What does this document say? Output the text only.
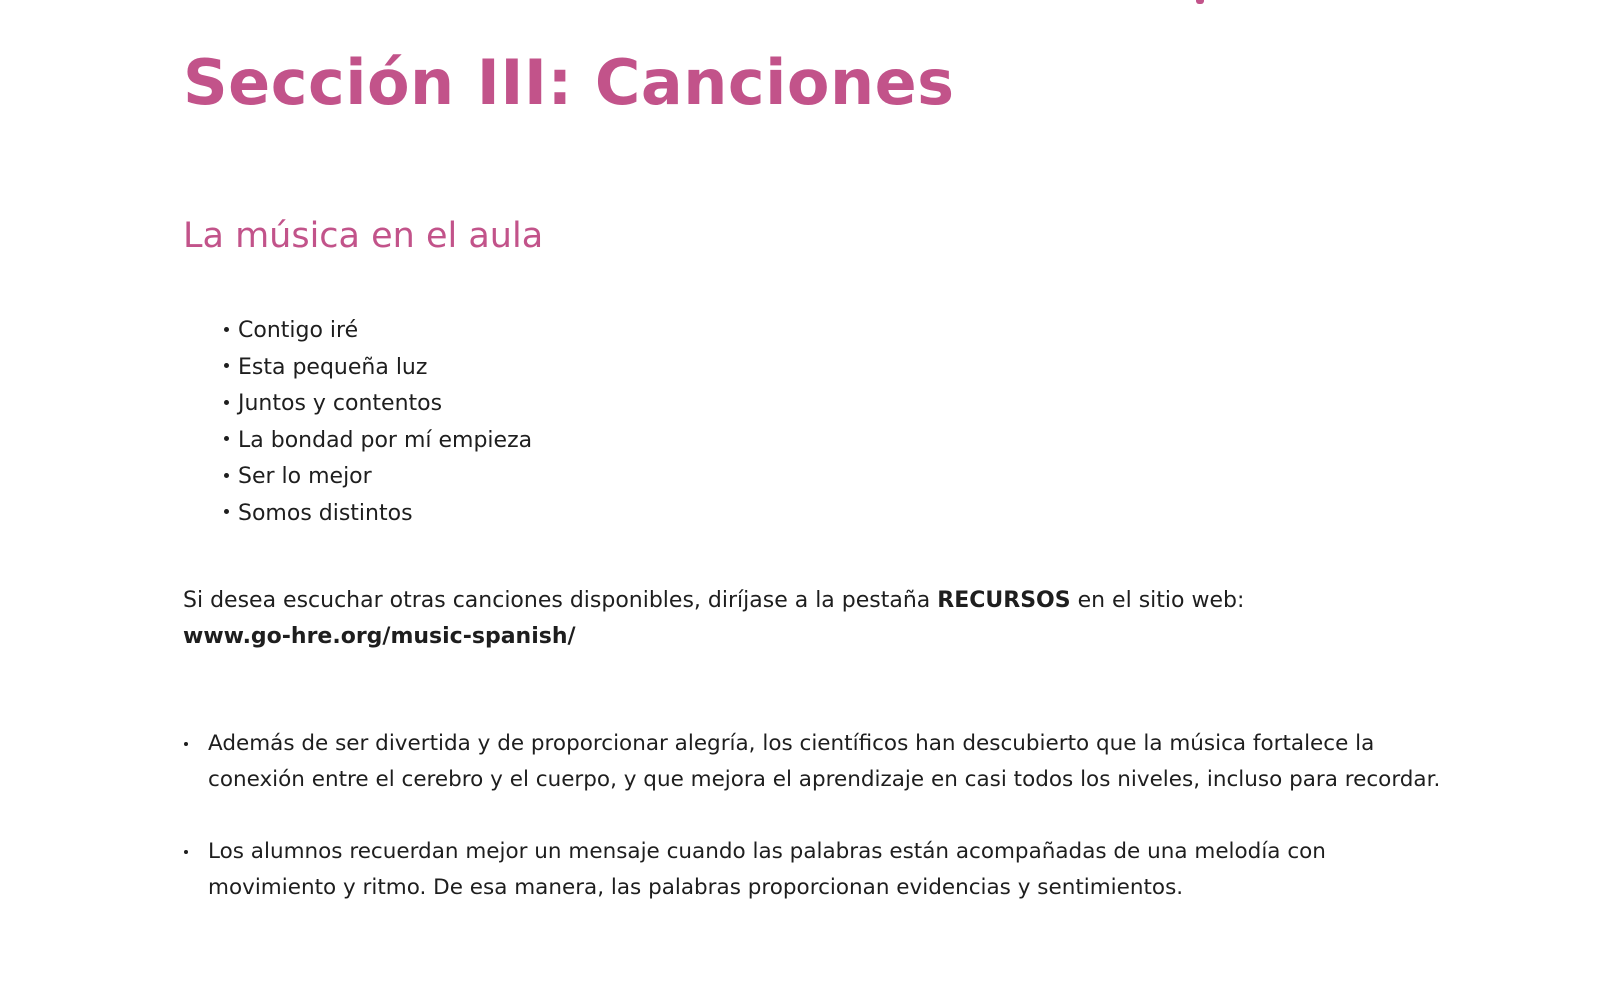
Sección III: Canciones
La música en el aula
Contigo iré
Esta pequeña luz
Juntos y contentos
La bondad por mí empieza
Ser lo mejor
Somos distintos
Si desea escuchar otras canciones disponibles, diríjase a la pestaña RECURSOS en el sitio web:
www.go-hre.org/music-spanish/
Además de ser divertida y de proporcionar alegría, los científicos han descubierto que la música fortalece la conexión entre el cerebro y el cuerpo, y que mejora el aprendizaje en casi todos los niveles, incluso para recordar.
Los alumnos recuerdan mejor un mensaje cuando las palabras están acompañadas de una melodía con movimiento y ritmo. De esa manera, las palabras proporcionan evidencias y sentimientos.
